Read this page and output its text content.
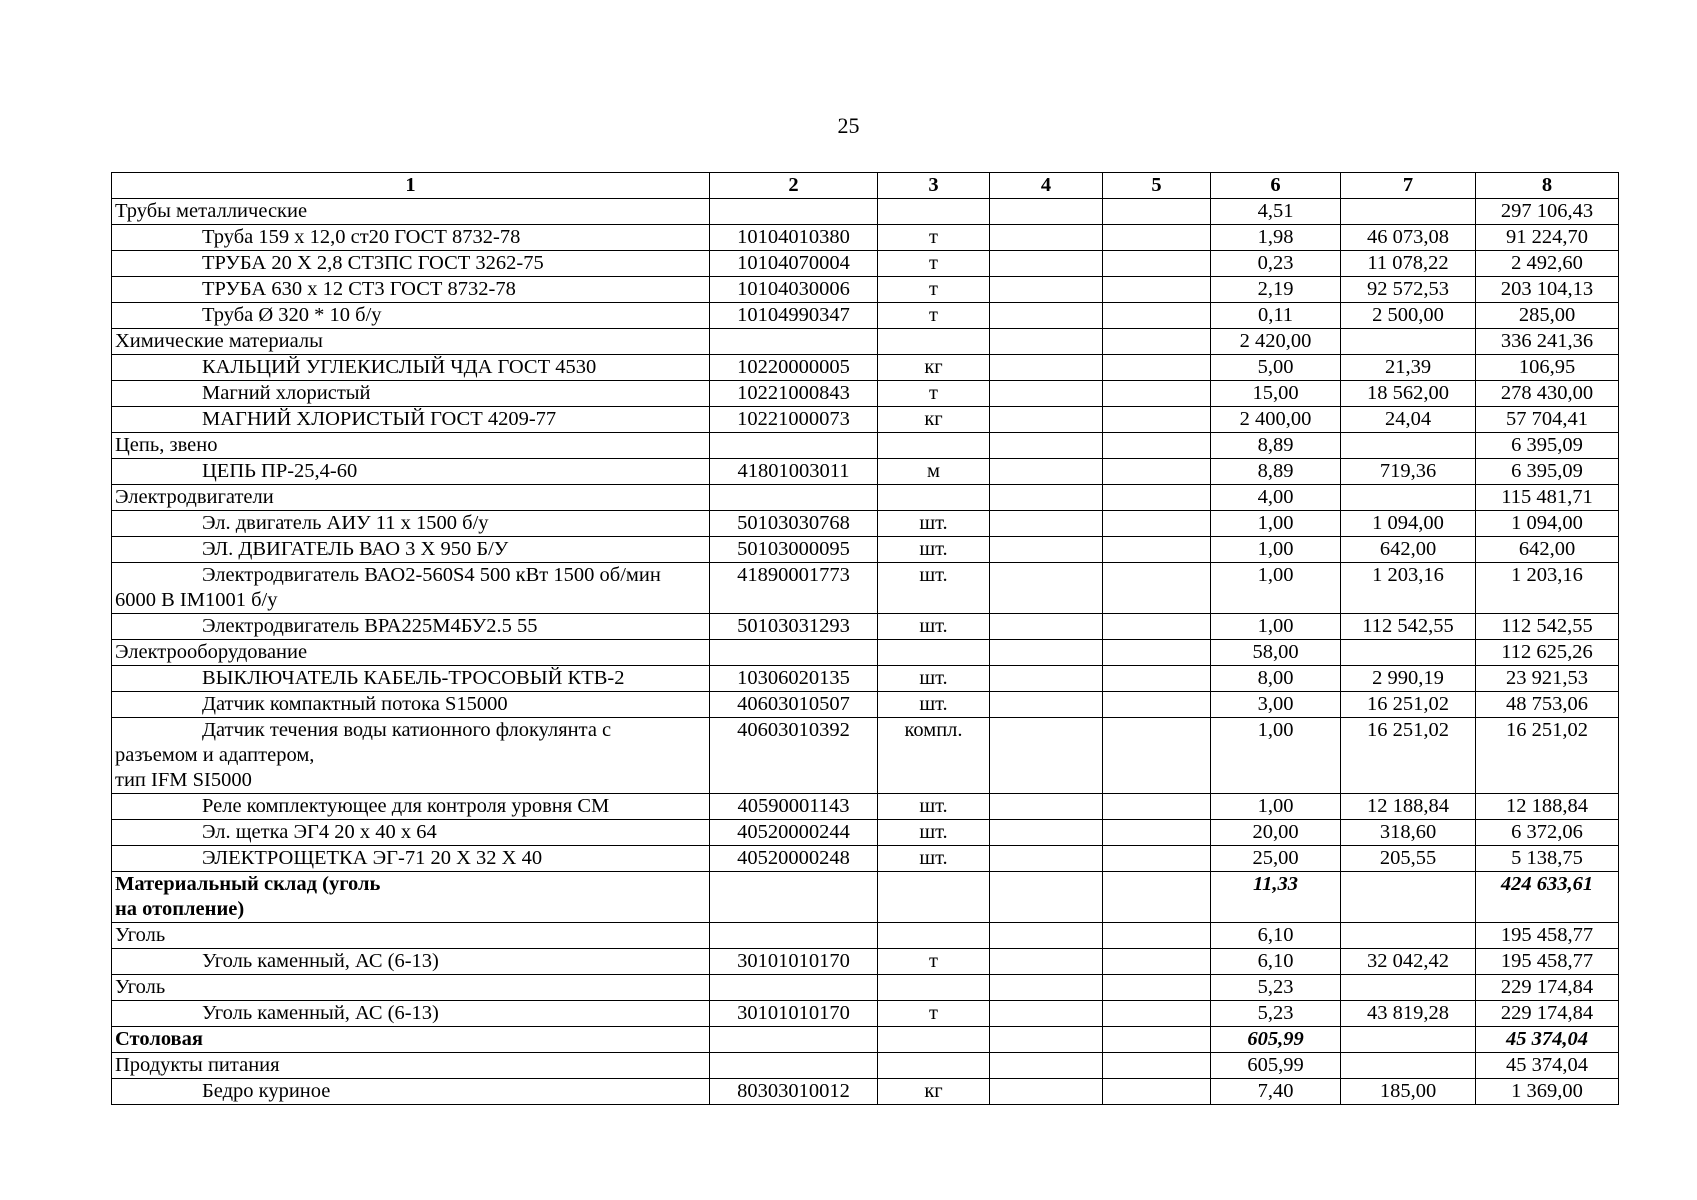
25
1	2	3	4	5	6	7	8

Трубы металлические					4,51		297 106,43
Труба 159 х 12,0 ст20 ГОСТ 8732-78	10104010380	т			1,98	46 073,08	91 224,70
ТРУБА 20 Х 2,8 СТ3ПС ГОСТ 3262-75	10104070004	т			0,23	11 078,22	2 492,60
ТРУБА 630 х 12 СТ3 ГОСТ 8732-78	10104030006	т			2,19	92 572,53	203 104,13
Труба Ø 320 * 10 б/у	10104990347	т			0,11	2 500,00	285,00

Химические материалы					2 420,00		336 241,36
КАЛЬЦИЙ УГЛЕКИСЛЫЙ ЧДА ГОСТ 4530	10220000005	кг			5,00	21,39	106,95
Магний хлористый	10221000843	т			15,00	18 562,00	278 430,00
МАГНИЙ ХЛОРИСТЫЙ ГОСТ 4209-77	10221000073	кг			2 400,00	24,04	57 704,41

Цепь, звено					8,89		6 395,09
ЦЕПЬ ПР-25,4-60	41801003011	м			8,89	719,36	6 395,09

Электродвигатели					4,00		115 481,71
Эл. двигатель АИУ 11 х 1500 б/у	50103030768	шт.			1,00	1 094,00	1 094,00
ЭЛ. ДВИГАТЕЛЬ ВАО 3 Х 950 Б/У	50103000095	шт.			1,00	642,00	642,00
Электродвигатель ВАО2-560S4 500 кВт 1500 об/мин
6000 В IM1001 б/у	41890001773	шт.			1,00	1 203,16	1 203,16
Электродвигатель ВРА225М4БУ2.5 55	50103031293	шт.			1,00	112 542,55	112 542,55

Электрооборудование					58,00		112 625,26
ВЫКЛЮЧАТЕЛЬ КАБЕЛЬ-ТРОСОВЫЙ КТВ-2	10306020135	шт.			8,00	2 990,19	23 921,53
Датчик компактный потока S15000	40603010507	шт.			3,00	16 251,02	48 753,06
Датчик течения воды катионного флокулянта с
разъемом и адаптером,
тип IFM SI5000	40603010392	компл.			1,00	16 251,02	16 251,02
Реле комплектующее для контроля уровня СМ	40590001143	шт.			1,00	12 188,84	12 188,84
Эл. щетка ЭГ4 20 х 40 х 64	40520000244	шт.			20,00	318,60	6 372,06
ЭЛЕКТРОЩЕТКА ЭГ-71 20 Х 32 Х 40	40520000248	шт.			25,00	205,55	5 138,75

Материальный склад (уголь
на отопление)					11,33		424 633,61

Уголь					6,10		195 458,77
Уголь каменный, АС (6-13)	30101010170	т			6,10	32 042,42	195 458,77

Уголь					5,23		229 174,84
Уголь каменный, АС (6-13)	30101010170	т			5,23	43 819,28	229 174,84

Столовая					605,99		45 374,04

Продукты питания					605,99		45 374,04
Бедро куриное	80303010012	кг			7,40	185,00	1 369,00
